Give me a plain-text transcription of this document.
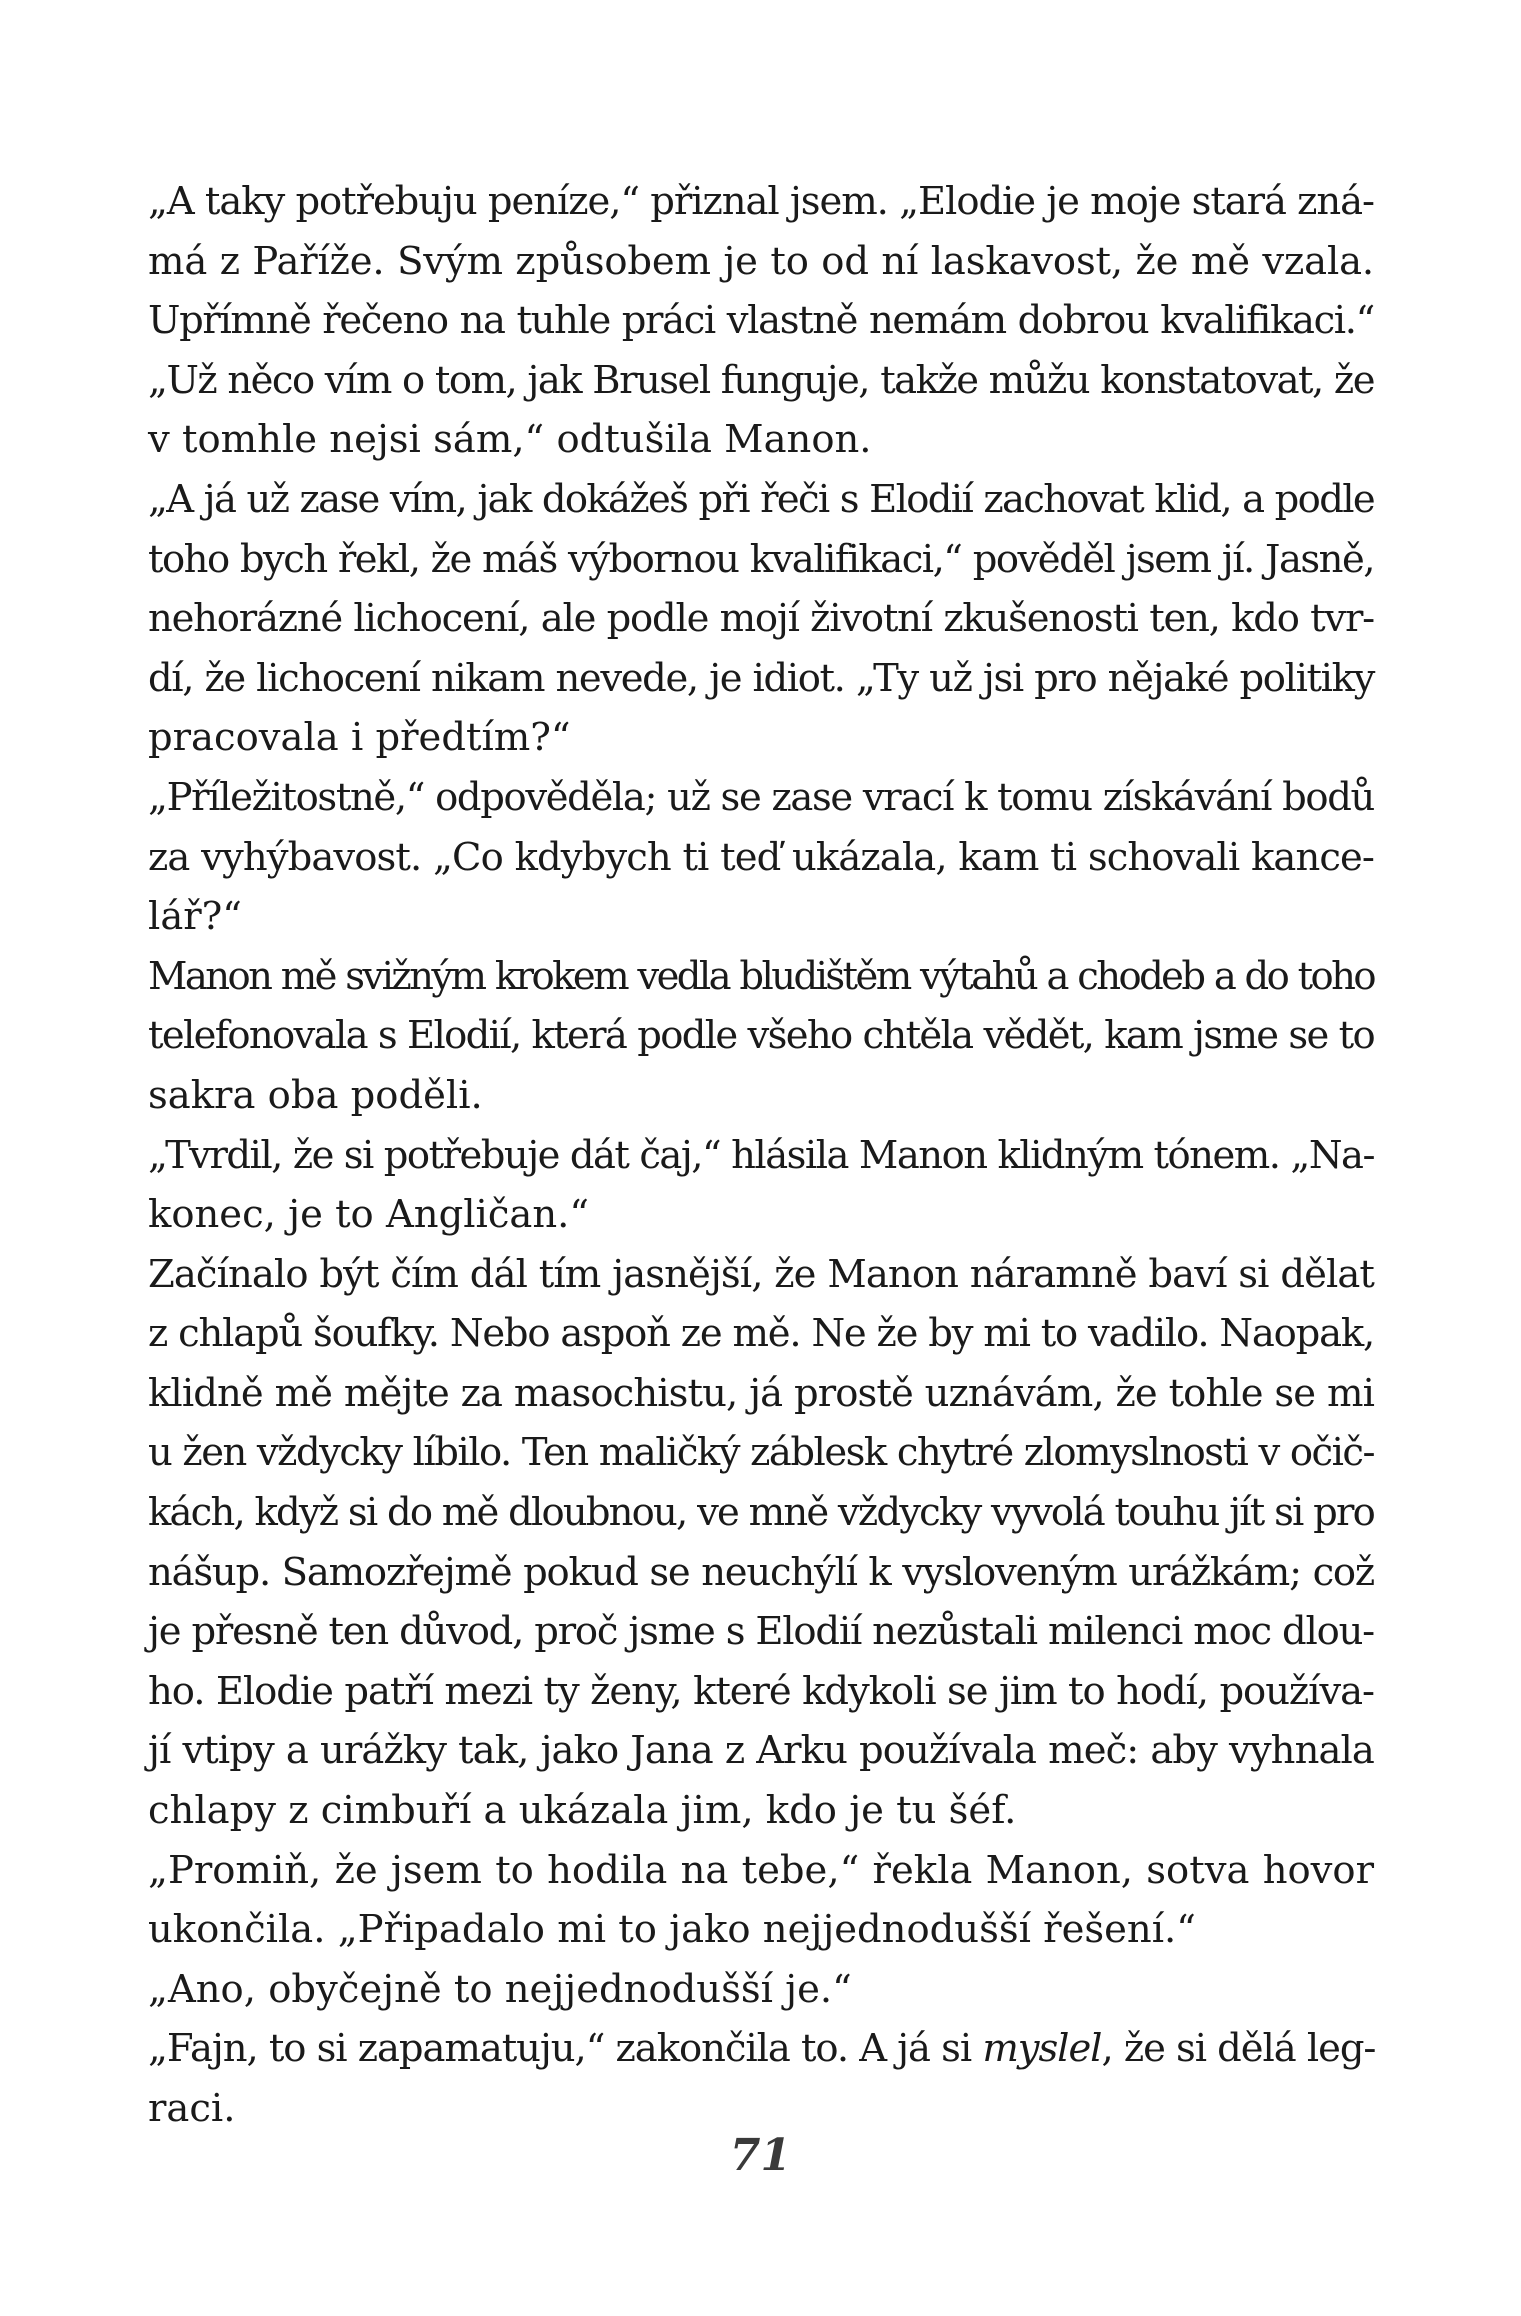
„A taky potřebuju peníze,“ přiznal jsem. „Elodie je moje stará zná-
má z Paříže. Svým způsobem je to od ní laskavost, že mě vzala.
Upřímně řečeno na tuhle práci vlastně nemám dobrou kvalifikaci.“
„Už něco vím o tom, jak Brusel funguje, takže můžu konstatovat, že
v tomhle nejsi sám,“ odtušila Manon.
„A já už zase vím, jak dokážeš při řeči s Elodií zachovat klid, a podle
toho bych řekl, že máš výbornou kvalifikaci,“ pověděl jsem jí. Jasně,
nehorázné lichocení, ale podle mojí životní zkušenosti ten, kdo tvr-
dí, že lichocení nikam nevede, je idiot. „Ty už jsi pro nějaké politiky
pracovala i předtím?“
„Příležitostně,“ odpověděla; už se zase vrací k tomu získávání bodů
za vyhýbavost. „Co kdybych ti teď ukázala, kam ti schovali kance-
lář?“
Manon mě svižným krokem vedla bludištěm výtahů a chodeb a do toho
telefonovala s Elodií, která podle všeho chtěla vědět, kam jsme se to
sakra oba poděli.
„Tvrdil, že si potřebuje dát čaj,“ hlásila Manon klidným tónem. „Na-
konec, je to Angličan.“
Začínalo být čím dál tím jasnější, že Manon náramně baví si dělat
z chlapů šoufky. Nebo aspoň ze mě. Ne že by mi to vadilo. Naopak,
klidně mě mějte za masochistu, já prostě uznávám, že tohle se mi
u žen vždycky líbilo. Ten maličký záblesk chytré zlomyslnosti v očič-
kách, když si do mě dloubnou, ve mně vždycky vyvolá touhu jít si pro
nášup. Samozřejmě pokud se neuchýlí k vysloveným urážkám; což
je přesně ten důvod, proč jsme s Elodií nezůstali milenci moc dlou-
ho. Elodie patří mezi ty ženy, které kdykoli se jim to hodí, používa-
jí vtipy a urážky tak, jako Jana z Arku používala meč: aby vyhnala
chlapy z cimbuří a ukázala jim, kdo je tu šéf.
„Promiň, že jsem to hodila na tebe,“ řekla Manon, sotva hovor
ukončila. „Připadalo mi to jako nejjednodušší řešení.“
„Ano, obyčejně to nejjednodušší je.“
„Fajn, to si zapamatuju,“ zakončila to. A já si myslel, že si dělá leg-
raci.
71
